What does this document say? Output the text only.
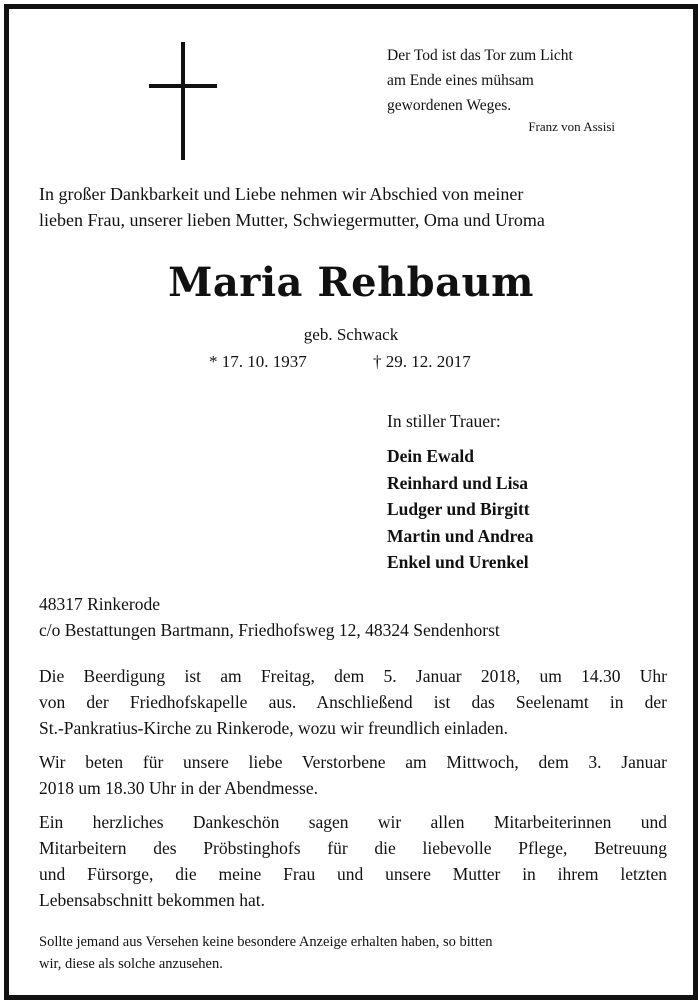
Der Tod ist das Tor zum Licht
am Ende eines mühsam
gewordenen Weges.
Franz von Assisi
In großer Dankbarkeit und Liebe nehmen wir Abschied von meiner
lieben Frau, unserer lieben Mutter, Schwiegermutter, Oma und Uroma
Maria Rehbaum
geb. Schwack
* 17. 10. 1937	† 29. 12. 2017
In stiller Trauer:
Dein Ewald
Reinhard und Lisa
Ludger und Birgitt
Martin und Andrea
Enkel und Urenkel
48317 Rinkerode
c/o Bestattungen Bartmann, Friedhofsweg 12, 48324 Sendenhorst
Die Beerdigung ist am Freitag, dem 5. Januar 2018, um 14.30 Uhr
von der Friedhofskapelle aus. Anschließend ist das Seelenamt in der
St.-Pankratius-Kirche zu Rinkerode, wozu wir freundlich einladen.
Wir beten für unsere liebe Verstorbene am Mittwoch, dem 3. Januar
2018 um 18.30 Uhr in der Abendmesse.
Ein herzliches Dankeschön sagen wir allen Mitarbeiterinnen und
Mitarbeitern des Pröbstinghofs für die liebevolle Pflege, Betreuung
und Fürsorge, die meine Frau und unsere Mutter in ihrem letzten
Lebensabschnitt bekommen hat.
Sollte jemand aus Versehen keine besondere Anzeige erhalten haben, so bitten
wir, diese als solche anzusehen.
